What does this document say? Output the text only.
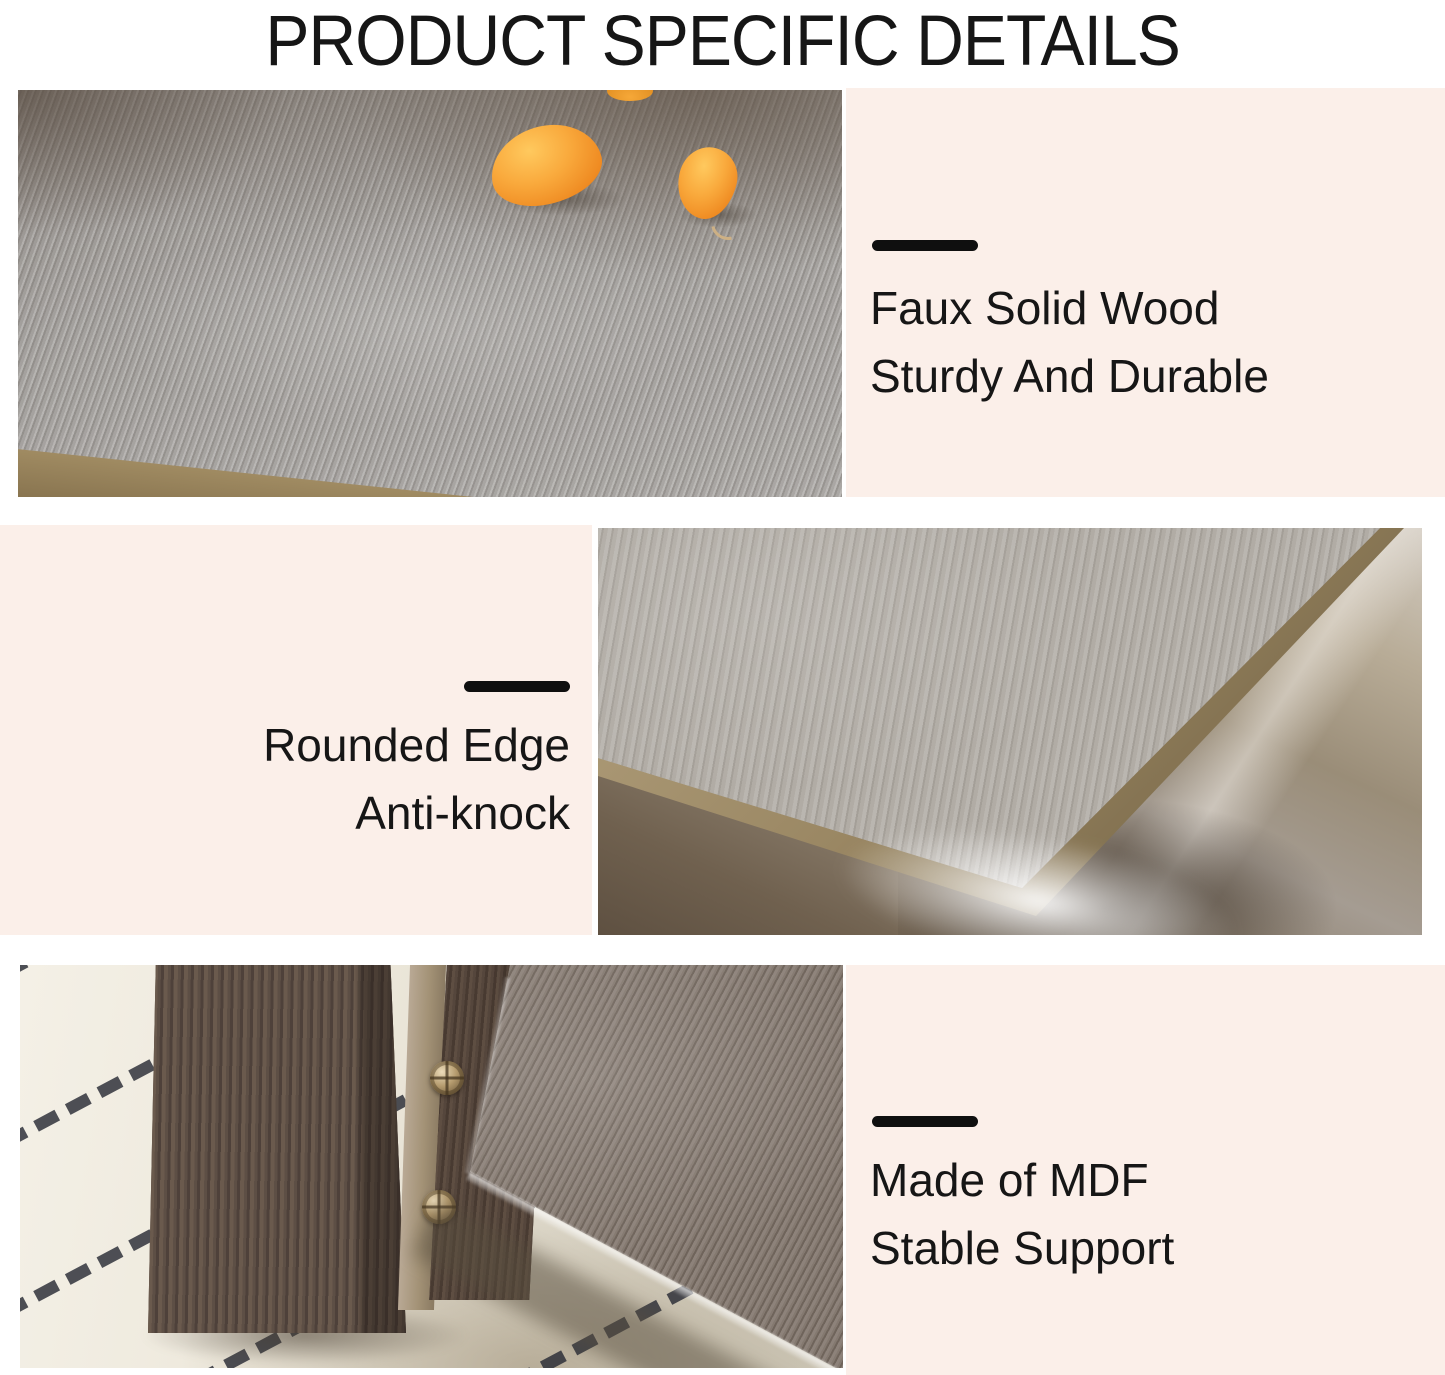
PRODUCT SPECIFIC DETAILS
Faux Solid Wood
Sturdy And Durable
Rounded Edge
Anti-knock
Made of MDF
Stable Support
